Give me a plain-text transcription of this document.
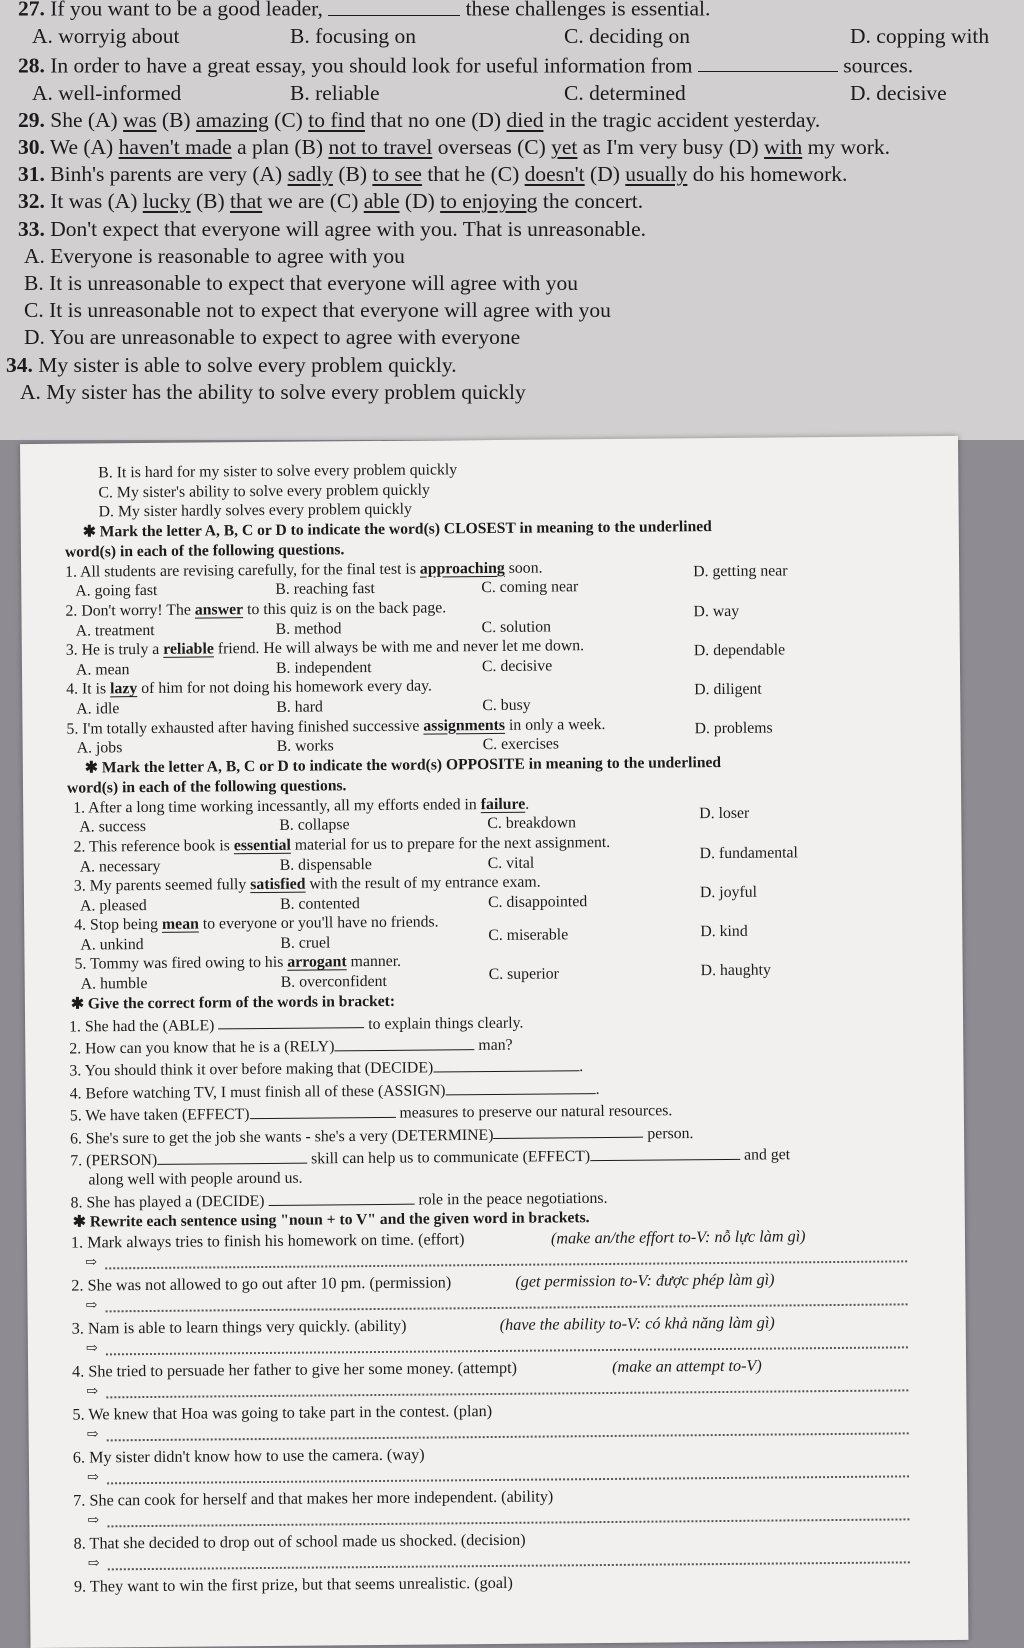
27. If you want to be a good leader,	these challenges is essential.
A. worryig about	B. focusing on	C. deciding on	D. copping with
28. In order to have a great essay, you should look for useful information from	sources.
A. well-informed	B. reliable	C. determined	D. decisive
29. She (A) was (B) amazing (C) to find that no one (D) died in the tragic accident yesterday.
30. We (A) haven't made a plan (B) not to travel overseas (C) yet as I'm very busy (D) with my work.
31. Binh's parents are very (A) sadly (B) to see that he (C) doesn't (D) usually do his homework.
32. It was (A) lucky (B) that we are (C) able (D) to enjoying the concert.
33. Don't expect that everyone will agree with you. That is unreasonable.
A. Everyone is reasonable to agree with you
B. It is unreasonable to expect that everyone will agree with you
C. It is unreasonable not to expect that everyone will agree with you
D. You are unreasonable to expect to agree with everyone
34. My sister is able to solve every problem quickly.
A. My sister has the ability to solve every problem quickly
B. It is hard for my sister to solve every problem quickly
C. My sister's ability to solve every problem quickly
D. My sister hardly solves every problem quickly
✱ Mark the letter A, B, C or D to indicate the word(s) CLOSEST in meaning to the underlined
word(s) in each of the following questions.
1. All students are revising carefully, for the final test is approaching soon.
A. going fast	B. reaching fast	C. coming near
D. getting near
2. Don't worry! The answer to this quiz is on the back page.
A. treatment	B. method	C. solution
D. way
3. He is truly a reliable friend. He will always be with me and never let me down.
A. mean	B. independent	C. decisive
D. dependable
4. It is lazy of him for not doing his homework every day.
A. idle	B. hard	C. busy
D. diligent
5. I'm totally exhausted after having finished successive assignments in only a week.
A. jobs	B. works	C. exercises
D. problems
✱ Mark the letter A, B, C or D to indicate the word(s) OPPOSITE in meaning to the underlined
word(s) in each of the following questions.
1. After a long time working incessantly, all my efforts ended in failure.
A. success	B. collapse	C. breakdown
D. loser
2. This reference book is essential material for us to prepare for the next assignment.
A. necessary	B. dispensable	C. vital
D. fundamental
3. My parents seemed fully satisfied with the result of my entrance exam.
A. pleased	B. contented	C. disappointed
D. joyful
4. Stop being mean to everyone or you'll have no friends.
A. unkind	B. cruel	C. miserable	D. kind
5. Tommy was fired owing to his arrogant manner.
A. humble	B. overconfident	C. superior	D. haughty
✱ Give the correct form of the words in bracket:
1. She had the (ABLE)	to explain things clearly.
2. How can you know that he is a (RELY)	man?
3. You should think it over before making that (DECIDE)	.
4. Before watching TV, I must finish all of these (ASSIGN)	.
5. We have taken (EFFECT)	measures to preserve our natural resources.
6. She's sure to get the job she wants - she's a very (DETERMINE)	person.
7. (PERSON)	skill can help us to communicate (EFFECT)	and get
along well with people around us.
8. She has played a (DECIDE)	role in the peace negotiations.
✱ Rewrite each sentence using "noun + to V" and the given word in brackets.
1. Mark always tries to finish his homework on time. (effort)	(make an/the effort to-V: nỗ lực làm gì)
⇨
2. She was not allowed to go out after 10 pm. (permission)	(get permission to-V: được phép làm gì)
⇨
3. Nam is able to learn things very quickly. (ability)	(have the ability to-V: có khả năng làm gì)
⇨
4. She tried to persuade her father to give her some money. (attempt)	(make an attempt to-V)
⇨
5. We knew that Hoa was going to take part in the contest. (plan)
⇨
6. My sister didn't know how to use the camera. (way)
⇨
7. She can cook for herself and that makes her more independent. (ability)
⇨
8. That she decided to drop out of school made us shocked. (decision)
⇨
9. They want to win the first prize, but that seems unrealistic. (goal)
